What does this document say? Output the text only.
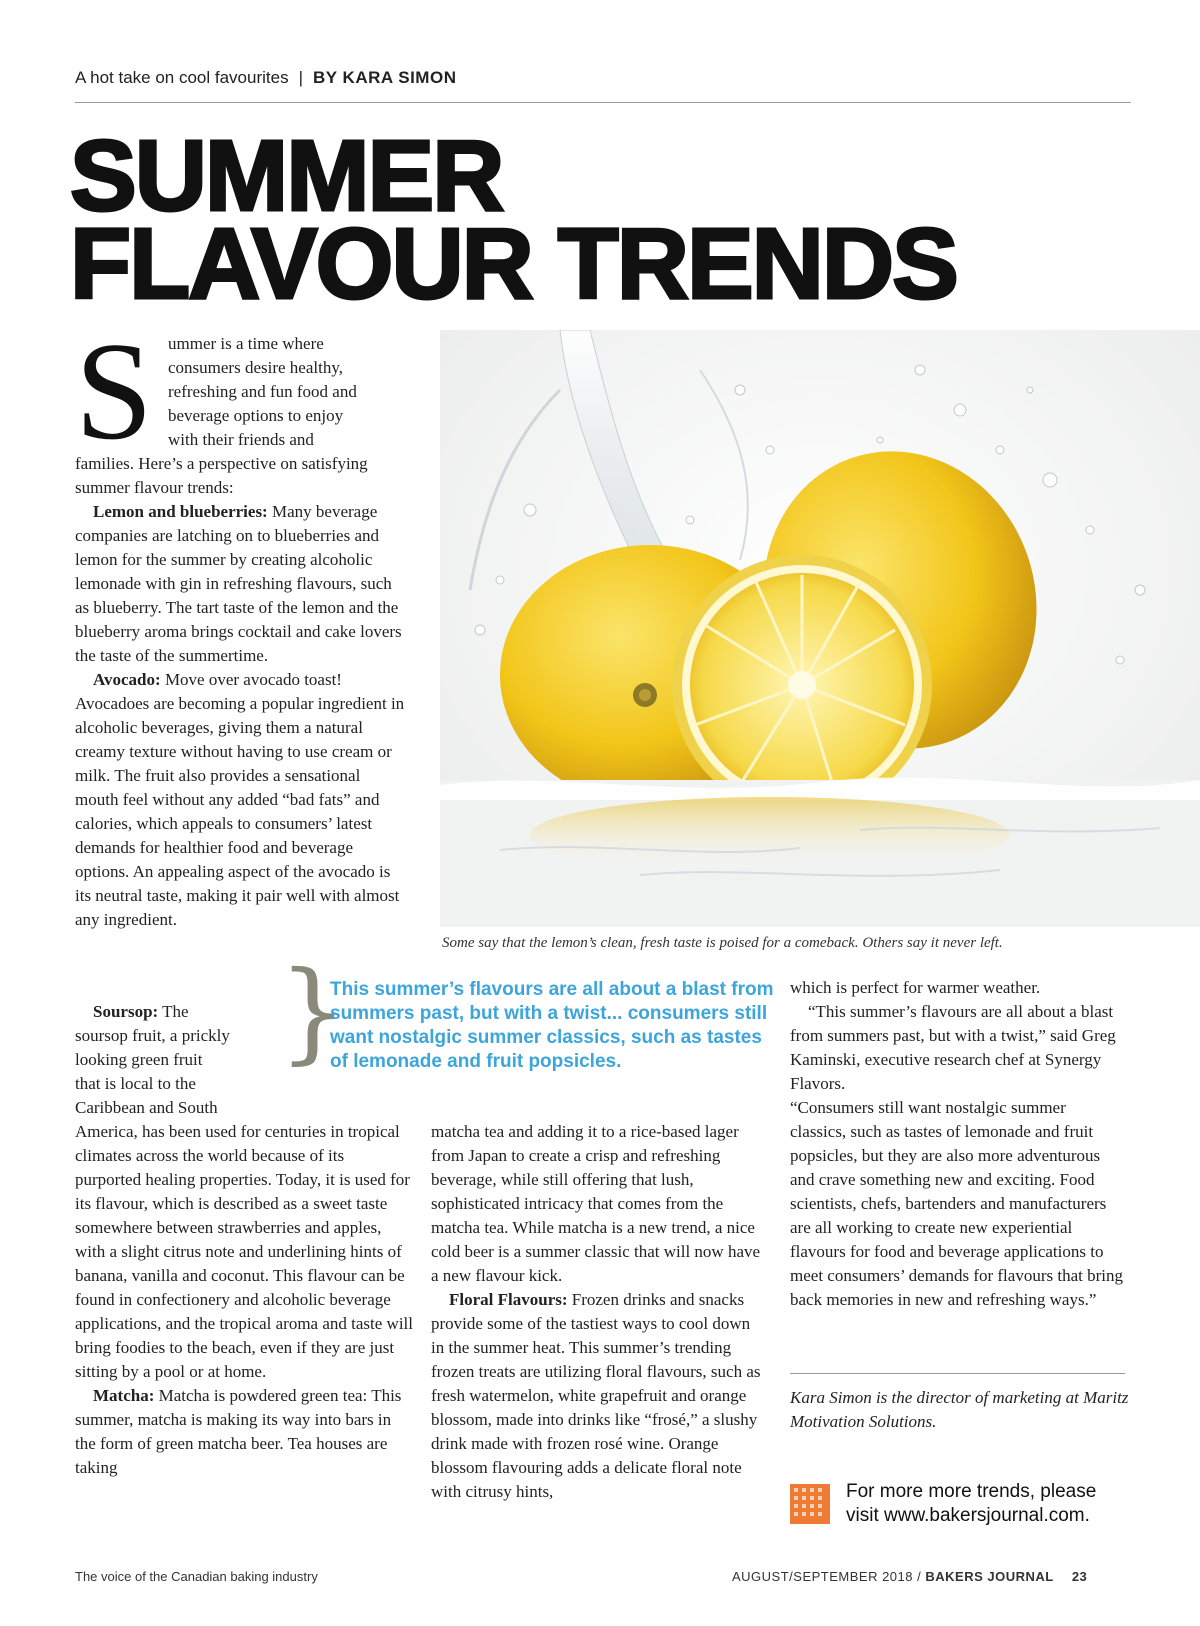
A hot take on cool favourites | BY KARA SIMON
SUMMER
FLAVOUR TRENDS
S ummer is a time where

consumers desire healthy,

refreshing and fun food and

beverage options to enjoy

with their friends and

families. Here’s a perspective on satisfying summer flavour trends:

Lemon and blueberries: Many beverage companies are latching on to blueberries and lemon for the summer by creating alcoholic lemonade with gin in refreshing flavours, such as blueberry. The tart taste of the lemon and the blueberry aroma brings cocktail and cake lovers the taste of the summertime.

Avocado: Move over avocado toast! Avocadoes are becoming a popular ingredient in alcoholic beverages, giving them a natural creamy texture without having to use cream or milk. The fruit also provides a sensational mouth feel without any added “bad fats” and calories, which appeals to consumers’ latest demands for healthier food and beverage options. An appealing aspect of the avocado is its neutral taste, making it pair well with almost any ingredient.

Soursop: The

soursop fruit, a prickly

looking green fruit

that is local to the

Caribbean and South

America, has been used for centuries in tropical climates across the world because of its purported healing properties. Today, it is used for its flavour, which is described as a sweet taste somewhere between strawberries and apples, with a slight citrus note and underlining hints of banana, vanilla and coconut. This flavour can be found in confectionery and alcoholic beverage applications, and the tropical aroma and taste will bring foodies to the beach, even if they are just sitting by a pool or at home.

Matcha: Matcha is powdered green tea: This summer, matcha is making its way into bars in the form of green matcha beer. Tea houses are taking

Some say that the lemon’s clean, fresh taste is poised for a comeback. Others say it never left.
}
This summer’s flavours are all about a blast from summers past, but with a twist... consumers still want nostalgic summer classics, such as tastes of lemonade and fruit popsicles.

matcha tea and adding it to a rice-based lager from Japan to create a crisp and refreshing beverage, while still offering that lush, sophisticated intricacy that comes from the matcha tea. While matcha is a new trend, a nice cold beer is a summer classic that will now have a new flavour kick.

Floral Flavours: Frozen drinks and snacks provide some of the tastiest ways to cool down in the summer heat. This summer’s trending frozen treats are utilizing floral flavours, such as fresh watermelon, white grapefruit and orange blossom, made into drinks like “frosé,” a slushy drink made with frozen rosé wine. Orange blossom flavouring adds a delicate floral note with citrusy hints,

which is perfect for warmer weather.

“This summer’s flavours are all about a blast from summers past, but with a twist,” said Greg Kaminski, executive research chef at Synergy Flavors.

“Consumers still want nostalgic summer classics, such as tastes of lemonade and fruit popsicles, but they are also more adventurous and crave something new and exciting. Food scientists, chefs, bartenders and manufacturers are all working to create new experiential flavours for food and beverage applications to meet consumers’ demands for flavours that bring back memories in new and refreshing ways.”

Kara Simon is the director of marketing at Maritz Motivation Solutions.
For more more trends, please
visit www.bakersjournal.com.
The voice of the Canadian baking industry	AUGUST/SEPTEMBER 2018 / BAKERS JOURNAL 23
